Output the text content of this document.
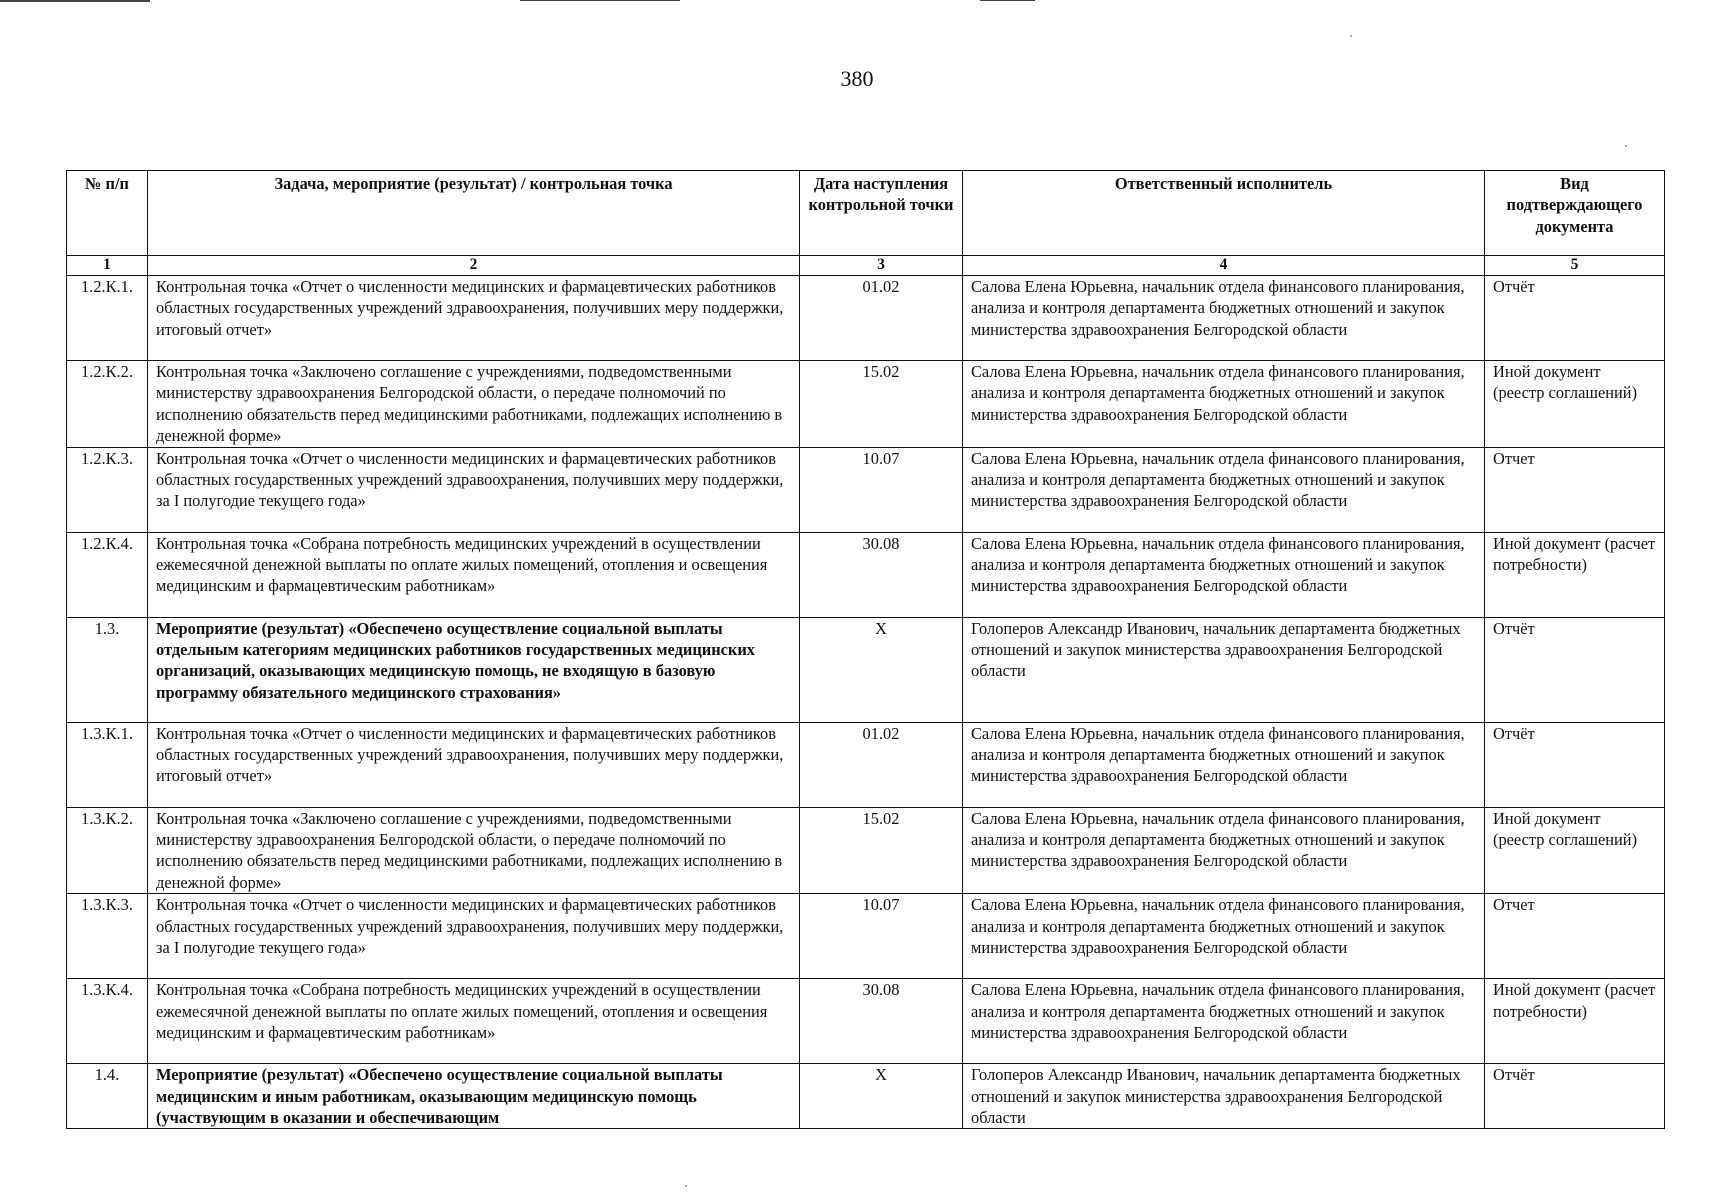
380
№ п/п	Задача, мероприятие (результат) / контрольная точка	Дата наступления контрольной точки	Ответственный исполнитель	Вид подтверждающего документа
1	2	3	4	5
1.2.К.1.	Контрольная точка «Отчет о численности медицинских и фармацевтических работников областных государственных учреждений здравоохранения, получивших меру поддержки, итоговый отчет»	01.02	Салова Елена Юрьевна, начальник отдела финансового планирования, анализа и контроля департамента бюджетных отношений и закупок министерства здравоохранения Белгородской области	Отчёт
1.2.К.2.	Контрольная точка «Заключено соглашение с учреждениями, подведомственными министерству здравоохранения Белгородской области, о передаче полномочий по исполнению обязательств перед медицинскими работниками, подлежащих исполнению в денежной форме»	15.02	Салова Елена Юрьевна, начальник отдела финансового планирования, анализа и контроля департамента бюджетных отношений и закупок министерства здравоохранения Белгородской области	Иной документ (реестр соглашений)
1.2.К.3.	Контрольная точка «Отчет о численности медицинских и фармацевтических работников областных государственных учреждений здравоохранения, получивших меру поддержки, за I полугодие текущего года»	10.07	Салова Елена Юрьевна, начальник отдела финансового планирования, анализа и контроля департамента бюджетных отношений и закупок министерства здравоохранения Белгородской области	Отчет
1.2.К.4.	Контрольная точка «Собрана потребность медицинских учреждений в осуществлении ежемесячной денежной выплаты по оплате жилых помещений, отопления и освещения медицинским и фармацевтическим работникам»	30.08	Салова Елена Юрьевна, начальник отдела финансового планирования, анализа и контроля департамента бюджетных отношений и закупок министерства здравоохранения Белгородской области	Иной документ (расчет потребности)
1.3.	Мероприятие (результат) «Обеспечено осуществление социальной выплаты отдельным категориям медицинских работников государственных медицинских организаций, оказывающих медицинскую помощь, не входящую в базовую программу обязательного медицинского страхования»	X	Голоперов Александр Иванович, начальник департамента бюджетных отношений и закупок министерства здравоохранения Белгородской области	Отчёт
1.3.К.1.	Контрольная точка «Отчет о численности медицинских и фармацевтических работников областных государственных учреждений здравоохранения, получивших меру поддержки, итоговый отчет»	01.02	Салова Елена Юрьевна, начальник отдела финансового планирования, анализа и контроля департамента бюджетных отношений и закупок министерства здравоохранения Белгородской области	Отчёт
1.3.К.2.	Контрольная точка «Заключено соглашение с учреждениями, подведомственными министерству здравоохранения Белгородской области, о передаче полномочий по исполнению обязательств перед медицинскими работниками, подлежащих исполнению в денежной форме»	15.02	Салова Елена Юрьевна, начальник отдела финансового планирования, анализа и контроля департамента бюджетных отношений и закупок министерства здравоохранения Белгородской области	Иной документ (реестр соглашений)
1.3.К.3.	Контрольная точка «Отчет о численности медицинских и фармацевтических работников областных государственных учреждений здравоохранения, получивших меру поддержки, за I полугодие текущего года»	10.07	Салова Елена Юрьевна, начальник отдела финансового планирования, анализа и контроля департамента бюджетных отношений и закупок министерства здравоохранения Белгородской области	Отчет
1.3.К.4.	Контрольная точка «Собрана потребность медицинских учреждений в осуществлении ежемесячной денежной выплаты по оплате жилых помещений, отопления и освещения медицинским и фармацевтическим работникам»	30.08	Салова Елена Юрьевна, начальник отдела финансового планирования, анализа и контроля департамента бюджетных отношений и закупок министерства здравоохранения Белгородской области	Иной документ (расчет потребности)
1.4.	Мероприятие (результат) «Обеспечено осуществление социальной выплаты медицинским и иным работникам, оказывающим медицинскую помощь (участвующим в оказании и обеспечивающим	X	Голоперов Александр Иванович, начальник департамента бюджетных отношений и закупок министерства здравоохранения Белгородской области	Отчёт
